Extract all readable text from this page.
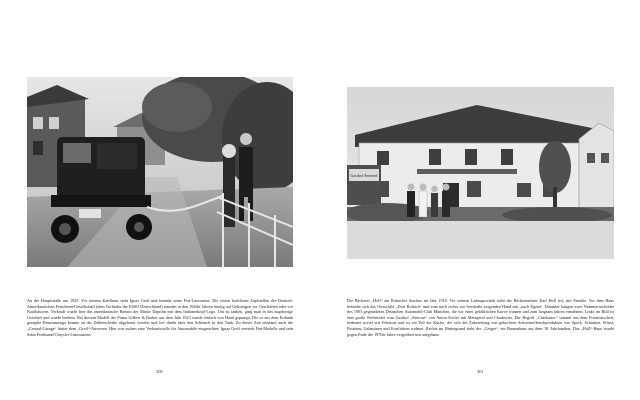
An der Hauptstraße um 1925: Vor seinem Kaufhaus steht Ignaz Greil und betankt seine Fiat-Limousine. Die ersten kraftlosen Zapfstellen der Deutsch-Amerikanischen Petroleum-Gesellschaft (dem Vorläufer der ESSO Deutschland) standen in den 1920er Jahren häufig auf Gehsteigen vor Geschäften oder vor Kaufhäusern. Verkauft wurde hier das amerikanische Benzin der Marke Dapolin mit dem Indianerkopf-Logo. Um zu tanken, ging man in das zugehörige Geschäft und wurde bedient. Bei diesem Modell der Firma Gilbert & Barker aus dem Jahr 1923 wurde einfach von Hand gepumpt. Die so aus dem Erdtank gezapfte Benzinmenge konnte an der Zählerscheibe abgelesen werden und lief direkt über den Schlauch in den Tank. Zu dieser Zeit entstand auch die „Central-Garage“ hinter dem „Greil“-Anwesen. Hier war zudem eine Verkaufsstelle für Automobile eingerichtet; Ignaz Greil vertrieb Fiat-Modelle und sein Sohn Ferdinand Chrysler-Limousinen.

300
Gasthof Seeresel

Die Bäckerei „Holl“ am Rottacher Stachus im Jahr 1910. Vor seinem Ladengeschäft steht der Bäckermeister Karl Holl (rr), mit Familie. Vor dem Haus befindet sich das Ortsschild „Dorf Rottach“ und eine nach rechts zur Seestraße zeigenden Hand mit „nach Egern“. Darunter hängen zwei Nummernschilder des 1903 gegründeten Deutschen Automobil-Club München, die vor einer gefährlichen Kurve warnen und zum langsam fahren ermahnen. Links im Bild ist eine große Werbetafel vom Gasthof „Seerose“ von Anton Kiefer mit Metzgerei und Charkutier. Der Begriff „Charkutier“ stammt aus dem Französischen, bedeutet soviel wie Feinkost und ist ein Teil der Küche, der sich der Zubereitung von gekochten Schweinefleischprodukten wie Speck, Schinken, Würst, Pasteten, Galantinen und Konfitüren widmet. Rechts im Hintergrund steht der „Geiger“, ein Bauernhaus aus dem 18. Jahrhundert. Das „Holl“-Haus wurde gegen Ende der 1970er Jahre vergrößert neu aufgebaut.

301
